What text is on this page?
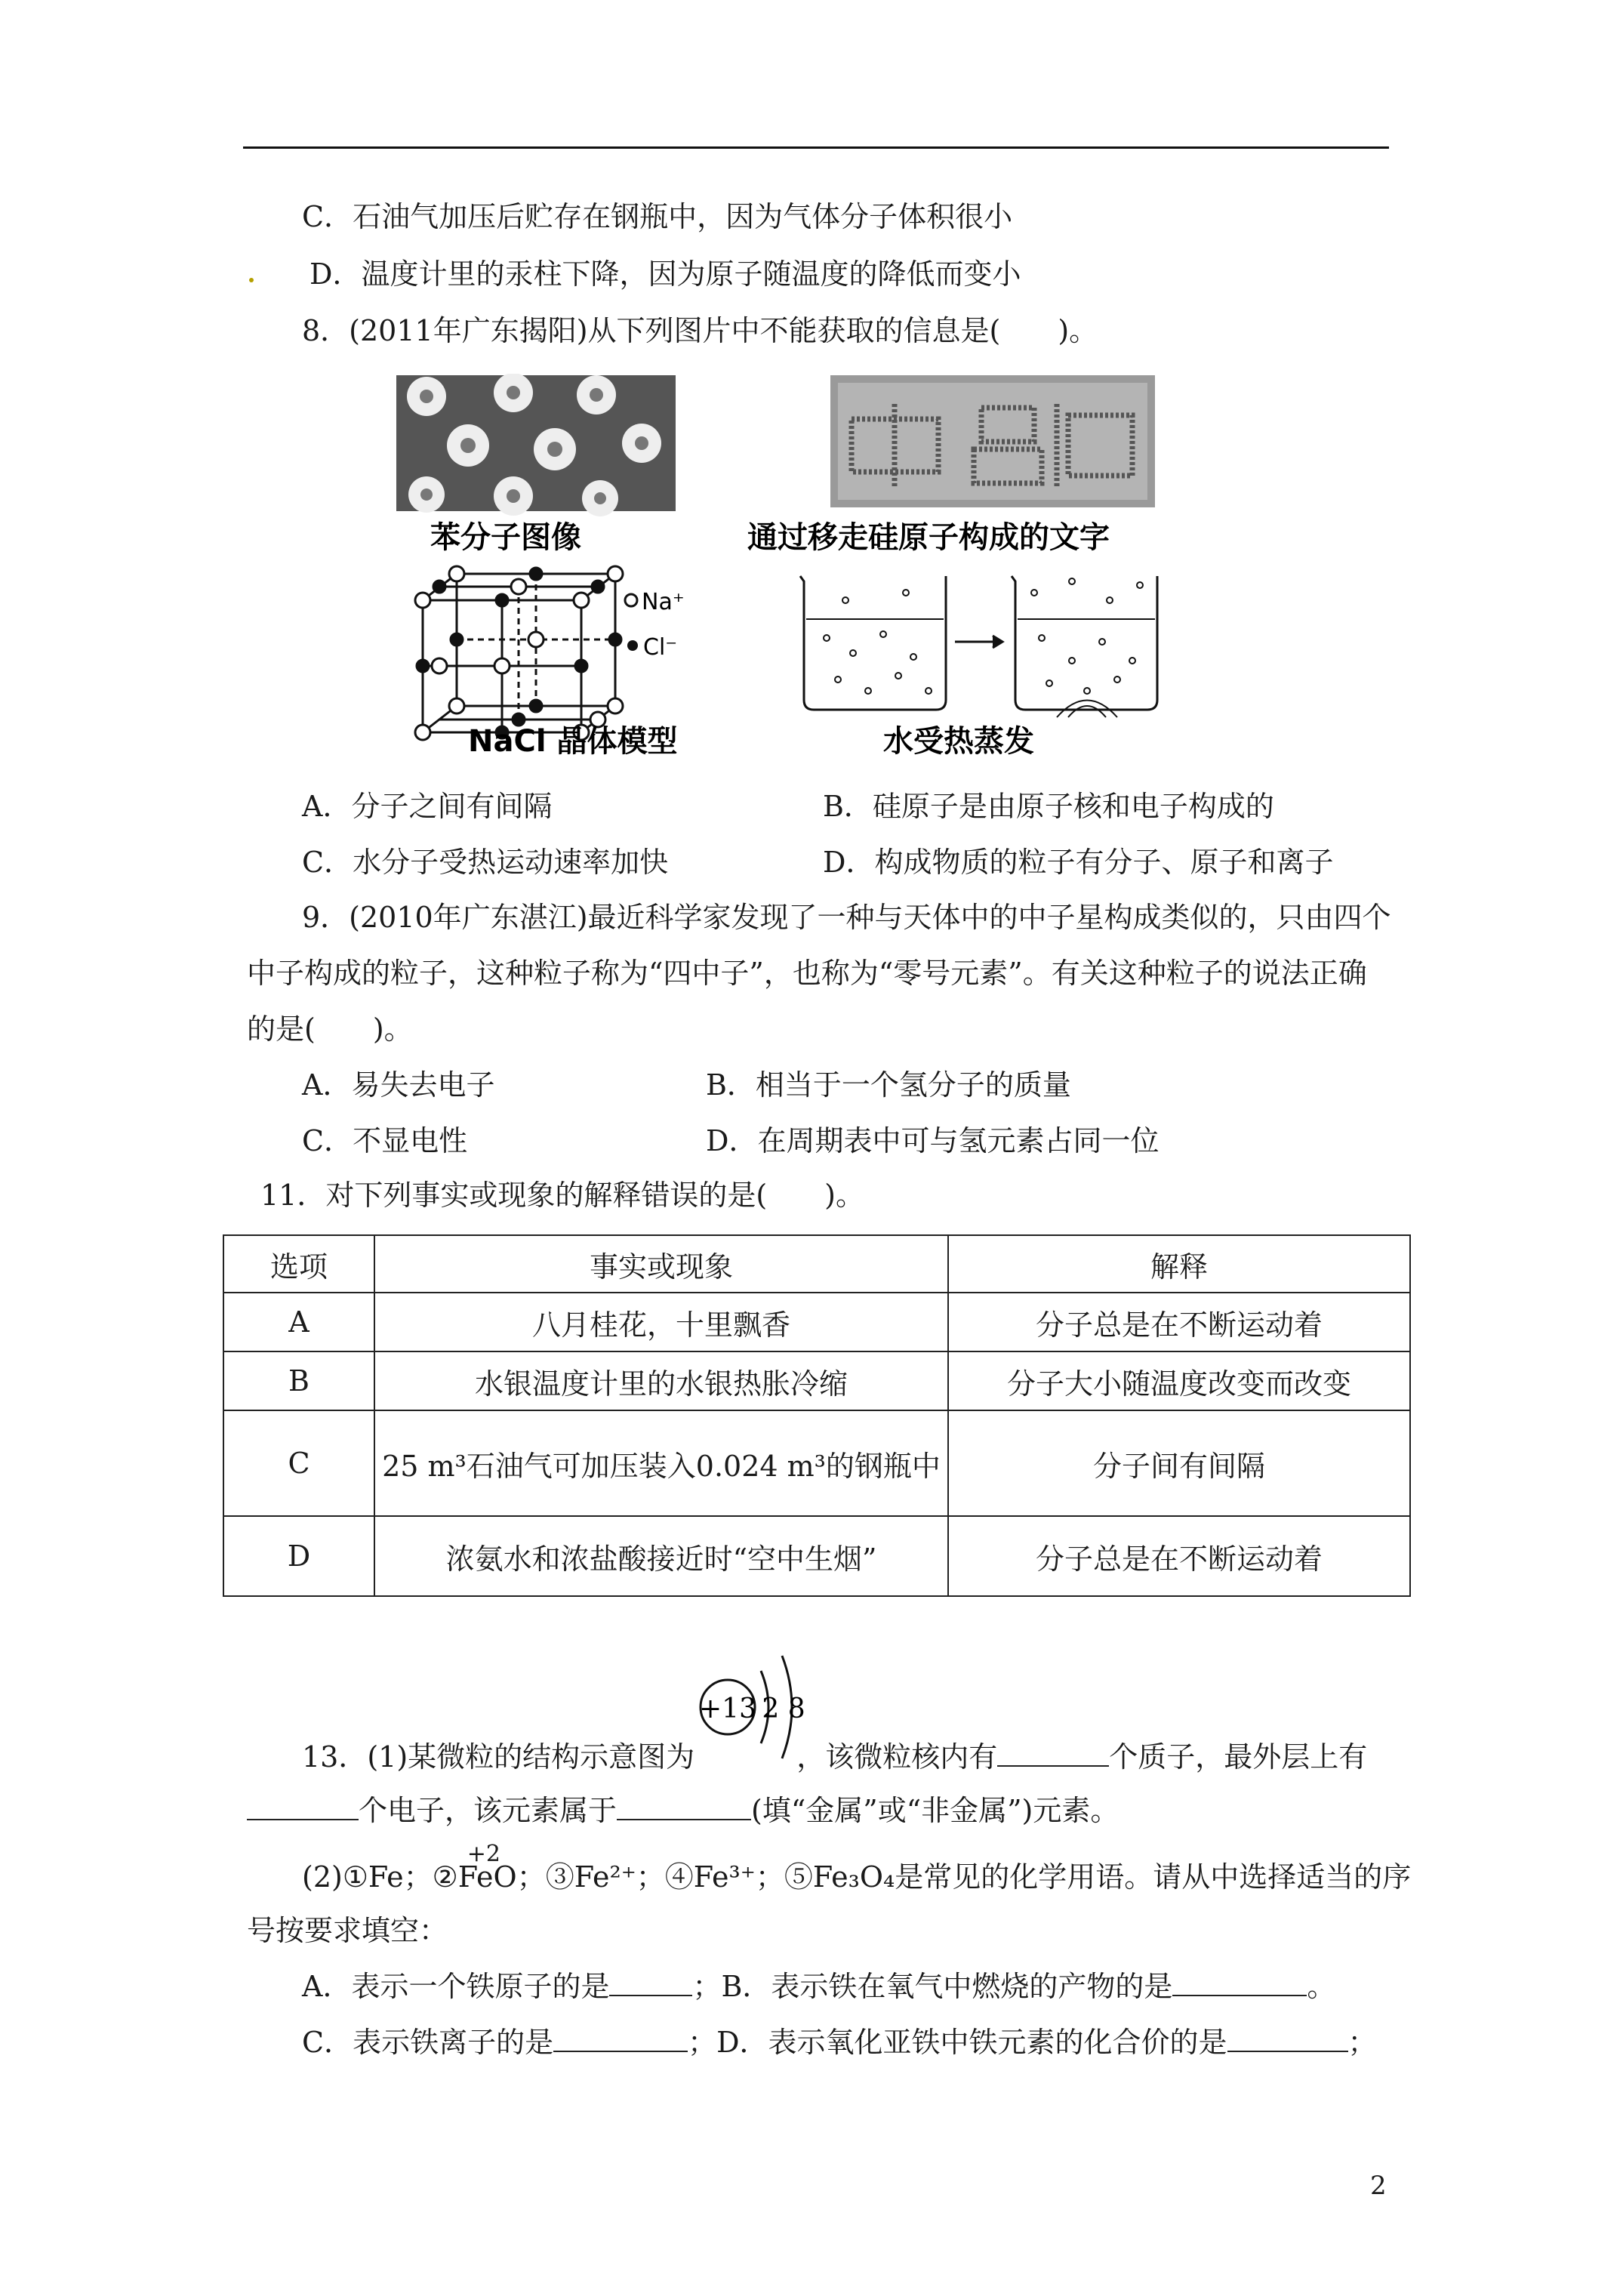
C．石油气加压后贮存在钢瓶中，因为气体分子体积很小
D．温度计里的汞柱下降，因为原子随温度的降低而变小
8．(2011年广东揭阳)从下列图片中不能获取的信息是(　　)。
苯分子图像	通过移走硅原子构成的文字
Na⁺
Cl⁻
NaCl 晶体模型	水受热蒸发
A．分子之间有间隔	B．硅原子是由原子核和电子构成的
C．水分子受热运动速率加快	D．构成物质的粒子有分子、原子和离子
9．(2010年广东湛江)最近科学家发现了一种与天体中的中子星构成类似的，只由四个
中子构成的粒子，这种粒子称为“四中子”，也称为“零号元素”。有关这种粒子的说法正确
的是(　　)。
A．易失去电子	B．相当于一个氢分子的质量
C．不显电性	D．在周期表中可与氢元素占同一位
11．对下列事实或现象的解释错误的是(　　)。
选项	事实或现象	解释
A	八月桂花，十里飘香	分子总是在不断运动着
B	水银温度计里的水银热胀冷缩	分子大小随温度改变而改变
C	25 m³石油气可加压装入0.024 m³的钢瓶中	分子间有间隔
D	浓氨水和浓盐酸接近时“空中生烟”	分子总是在不断运动着
+13 2 8
13．(1)某微粒的结构示意图为	，该微粒核内有	个质子，最外层上有
个电子，该元素属于	(填“金属”或“非金属”)元素。
(2)①Fe；②
+2
FeO；③Fe²⁺；④Fe³⁺；⑤Fe₃O₄是常见的化学用语。请从中选择适当的序
号按要求填空：
A．表示一个铁原子的是	；B．表示铁在氧气中燃烧的产物的是	。
C．表示铁离子的是	；D．表示氧化亚铁中铁元素的化合价的是	；
2
